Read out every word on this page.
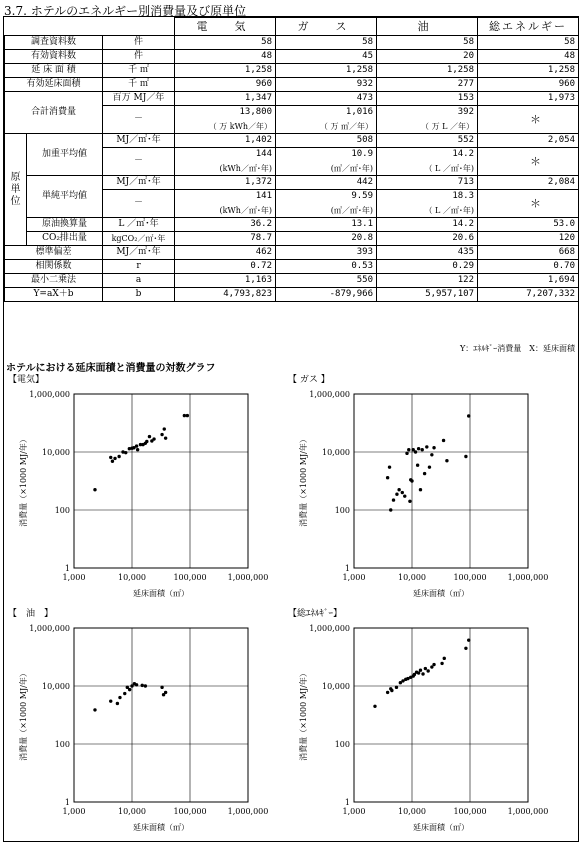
3.7. ホテルのエネルギー別消費量及び原単位
			電　気	ガ　ス	油	総エネルギー
調査資料数		件	58	58	58	58
有効資料数		件	48	45	20	48
延 床 面 積		千 ㎡	1,258	1,258	1,258	1,258
有効延床面積		千 ㎡	960	932	277	960
合計消費量		百万 MJ／年	1,347	473	153	1,973
		－	13,800	1,016	392	＊
			（ 万 kWh／年）	（ 万 ㎥／年）	（ 万 L ／年）	
原単位	加重平均値	MJ／㎡･年	1,402	508	552	2,054
		－	144	10.9	14.2	＊
			(kWh／㎡･年)	(㎥／㎡･年)	（ L ／㎡･年)	
	単純平均値	MJ／㎡･年	1,372	442	713	2,084
		－	141	9.59	18.3	＊
			(kWh／㎡･年)	(㎥／㎡･年)	（ L ／㎡･年)	
	原油換算量	L ／㎡･年	36.2	13.1	14.2	53.0
	CO₂排出量	kgCO₂／㎡･年	78.7	20.8	20.6	120
標準偏差		MJ／㎡･年	462	393	435	668
相関係数		r	0.72	0.53	0.29	0.70
最小二乗法		a	1,163	550	122	1,694
Y=aX＋b		b	4,793,823	-879,966	5,957,107	7,207,332
Y：ｴﾈﾙｷﾞｰ消費量　X：延床面積
ホテルにおける延床面積と消費量の対数グラフ
【電気】
1,000	10,000	100,000	1,000,000
1
100
10,000
1,000,000
延床面積（㎡）
消費量（×1000 MJ/年）
【 ガス 】
1,000	10,000	100,000	1,000,000
1
100
10,000
1,000,000
延床面積（㎡）
消費量（×1000 MJ/年）
【　油　】
1,000	10,000	100,000	1,000,000
1
100
10,000
1,000,000
延床面積（㎡）
消費量（×1000 MJ/年）
【総ｴﾈﾙｷﾞｰ】
1,000	10,000	100,000	1,000,000
1
100
10,000
1,000,000
延床面積（㎡）
消費量（×1000 MJ/年）
